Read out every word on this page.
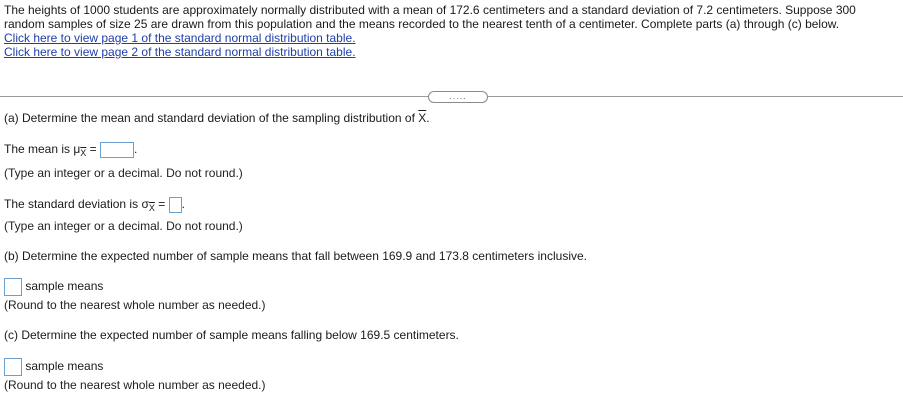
The heights of 1000 students are approximately normally distributed with a mean of 172.6 centimeters and a standard deviation of 7.2 centimeters. Suppose 300 random samples of size 25 are drawn from this population and the means recorded to the nearest tenth of a centimeter. Complete parts (a) through (c) below.
Click here to view page 1 of the standard normal distribution table.
Click here to view page 2 of the standard normal distribution table.
.....
(a) Determine the mean and standard deviation of the sampling distribution of $\overline{X}$.
The mean is $\mu_{\overline{X}}$ =	.
(Type an integer or a decimal. Do not round.)
The standard deviation is $\sigma_{\overline{X}}$ = .
(Type an integer or a decimal. Do not round.)
(b) Determine the expected number of sample means that fall between 169.9 and 173.8 centimeters inclusive.
sample means
(Round to the nearest whole number as needed.)
(c) Determine the expected number of sample means falling below 169.5 centimeters.
sample means
(Round to the nearest whole number as needed.)
